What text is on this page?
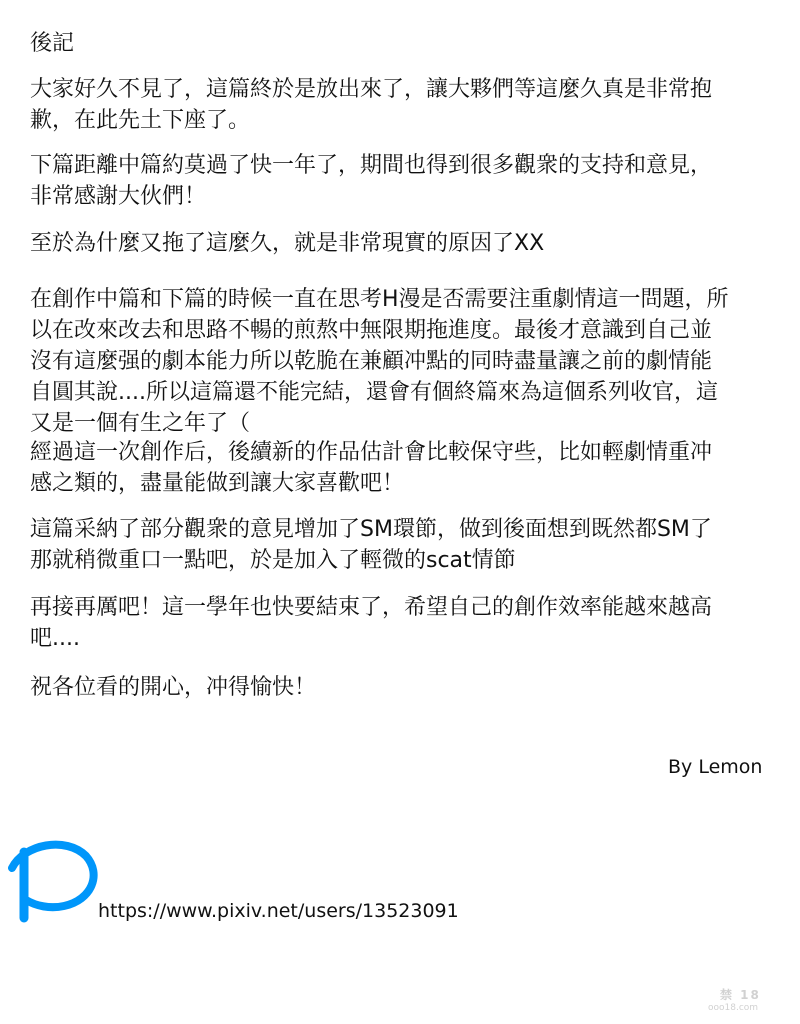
後記
大家好久不見了，這篇終於是放出來了，讓大夥們等這麼久真是非常抱
歉，在此先土下座了。
下篇距離中篇約莫過了快一年了，期間也得到很多觀衆的支持和意見，
非常感謝大伙們！
至於為什麼又拖了這麼久，就是非常現實的原因了XX
在創作中篇和下篇的時候一直在思考H漫是否需要注重劇情這一問題，所
以在改來改去和思路不暢的煎熬中無限期拖進度。最後才意識到自己並
沒有這麼强的劇本能力所以乾脆在兼顧冲點的同時盡量讓之前的劇情能
自圓其說....所以這篇還不能完結，還會有個終篇來為這個系列收官，這
又是一個有生之年了（
經過這一次創作后，後續新的作品估計會比較保守些，比如輕劇情重冲
感之類的，盡量能做到讓大家喜歡吧！
這篇采納了部分觀衆的意見增加了SM環節，做到後面想到既然都SM了
那就稍微重口一點吧，於是加入了輕微的scat情節
再接再厲吧！這一學年也快要結束了，希望自己的創作效率能越來越高
吧....
祝各位看的開心，冲得愉快！
By Lemon
https://www.pixiv.net/users/13523091
禁 18
ooo18.com
